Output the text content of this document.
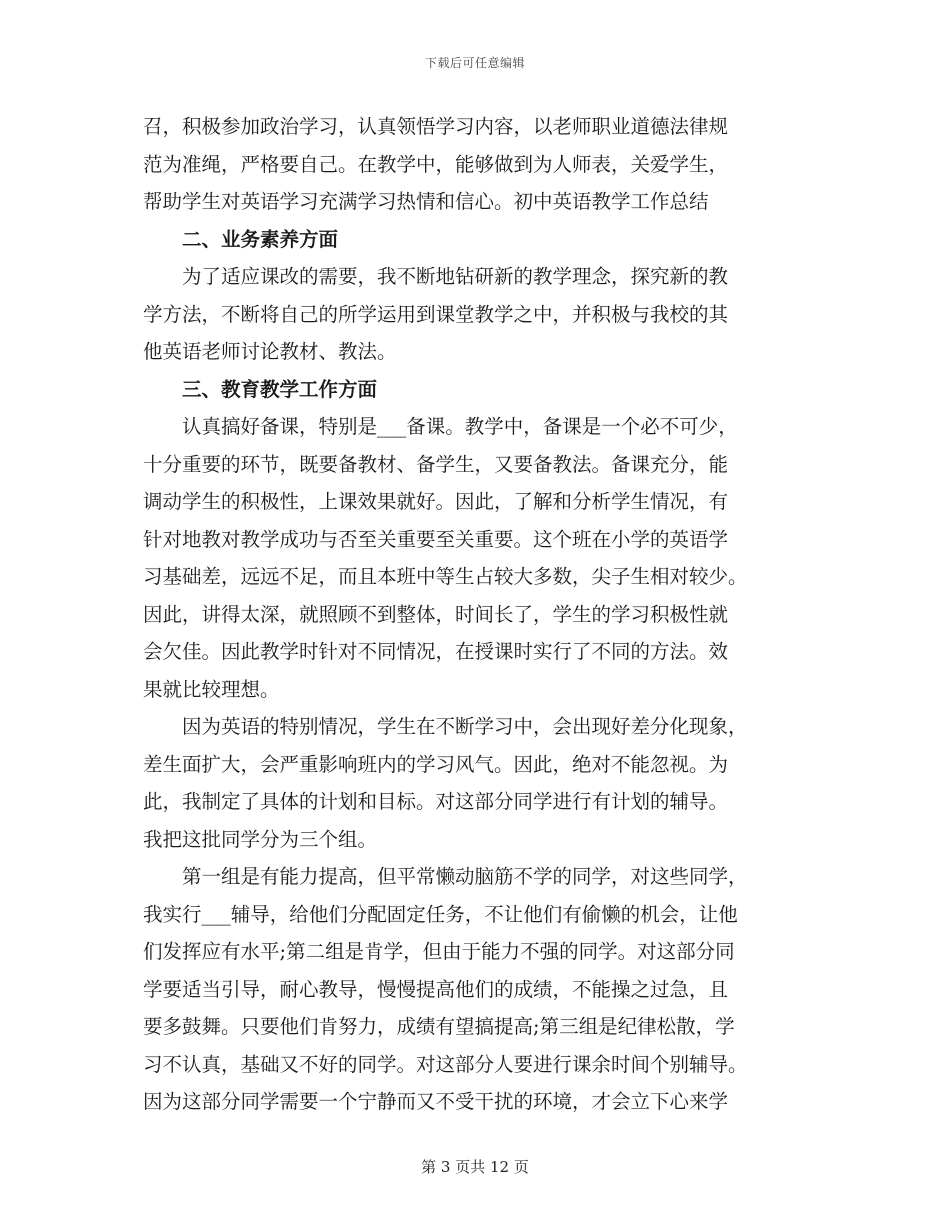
下载后可任意编辑
召，积极参加政治学习，认真领悟学习内容，以老师职业道德法律规
范为准绳，严格要自己。在教学中，能够做到为人师表，关爱学生，
帮助学生对英语学习充满学习热情和信心。初中英语教学工作总结
　　二、业务素养方面
　　为了适应课改的需要，我不断地钻研新的教学理念，探究新的教
学方法，不断将自己的所学运用到课堂教学之中，并积极与我校的其
他英语老师讨论教材、教法。
　　三、教育教学工作方面
　　认真搞好备课，特别是___备课。教学中，备课是一个必不可少，
十分重要的环节，既要备教材、备学生，又要备教法。备课充分，能
调动学生的积极性，上课效果就好。因此，了解和分析学生情况，有
针对地教对教学成功与否至关重要至关重要。这个班在小学的英语学
习基础差，远远不足，而且本班中等生占较大多数，尖子生相对较少。
因此，讲得太深，就照顾不到整体，时间长了，学生的学习积极性就
会欠佳。因此教学时针对不同情况，在授课时实行了不同的方法。效
果就比较理想。
　　因为英语的特别情况，学生在不断学习中，会出现好差分化现象，
差生面扩大，会严重影响班内的学习风气。因此，绝对不能忽视。为
此，我制定了具体的计划和目标。对这部分同学进行有计划的辅导。
我把这批同学分为三个组。
　　第一组是有能力提高，但平常懒动脑筋不学的同学，对这些同学，
我实行___辅导，给他们分配固定任务，不让他们有偷懒的机会，让他
们发挥应有水平;第二组是肯学，但由于能力不强的同学。对这部分同
学要适当引导，耐心教导，慢慢提高他们的成绩，不能操之过急，且
要多鼓舞。只要他们肯努力，成绩有望搞提高;第三组是纪律松散，学
习不认真，基础又不好的同学。对这部分人要进行课余时间个别辅导。
因为这部分同学需要一个宁静而又不受干扰的环境，才会立下心来学
第 3 页共 12 页
